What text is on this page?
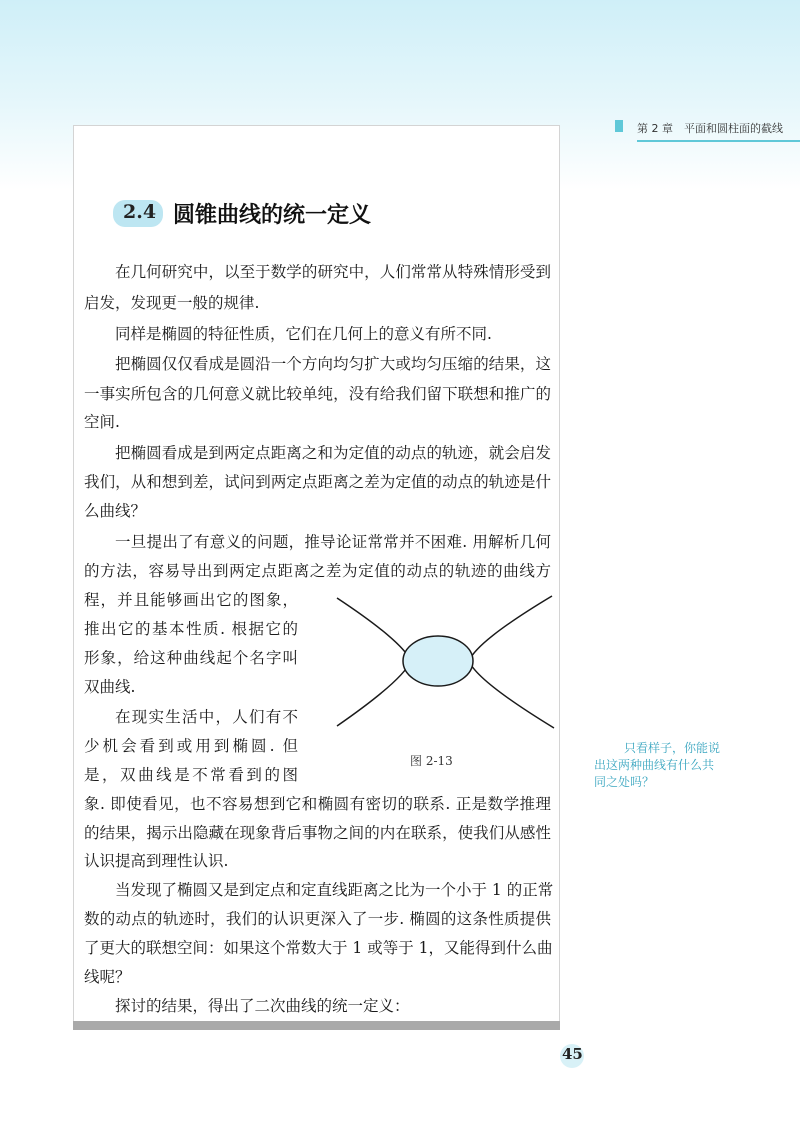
第 2 章　平面和圆柱面的截线
2.4 圆锥曲线的统一定义
在几何研究中，以至于数学的研究中，人们常常从特殊情形受到
启发，发现更一般的规律.
同样是椭圆的特征性质，它们在几何上的意义有所不同.
把椭圆仅仅看成是圆沿一个方向均匀扩大或均匀压缩的结果，这
一事实所包含的几何意义就比较单纯，没有给我们留下联想和推广的
空间.
把椭圆看成是到两定点距离之和为定值的动点的轨迹，就会启发
我们，从和想到差，试问到两定点距离之差为定值的动点的轨迹是什
么曲线？
一旦提出了有意义的问题，推导论证常常并不困难. 用解析几何
的方法，容易导出到两定点距离之差为定值的动点的轨迹的曲线方
程，并且能够画出它的图象，
推出它的基本性质. 根据它的
形象，给这种曲线起个名字叫
双曲线.
在现实生活中，人们有不
少机会看到或用到椭圆. 但
是，双曲线是不常看到的图
象. 即使看见，也不容易想到它和椭圆有密切的联系. 正是数学推理
的结果，揭示出隐藏在现象背后事物之间的内在联系，使我们从感性
认识提高到理性认识.
当发现了椭圆又是到定点和定直线距离之比为一个小于 1 的正常
数的动点的轨迹时，我们的认识更深入了一步. 椭圆的这条性质提供
了更大的联想空间：如果这个常数大于 1 或等于 1，又能得到什么曲
线呢？
探讨的结果，得出了二次曲线的统一定义：
图 2-13
只看样子，你能说
出这两种曲线有什么共
同之处吗？
45
